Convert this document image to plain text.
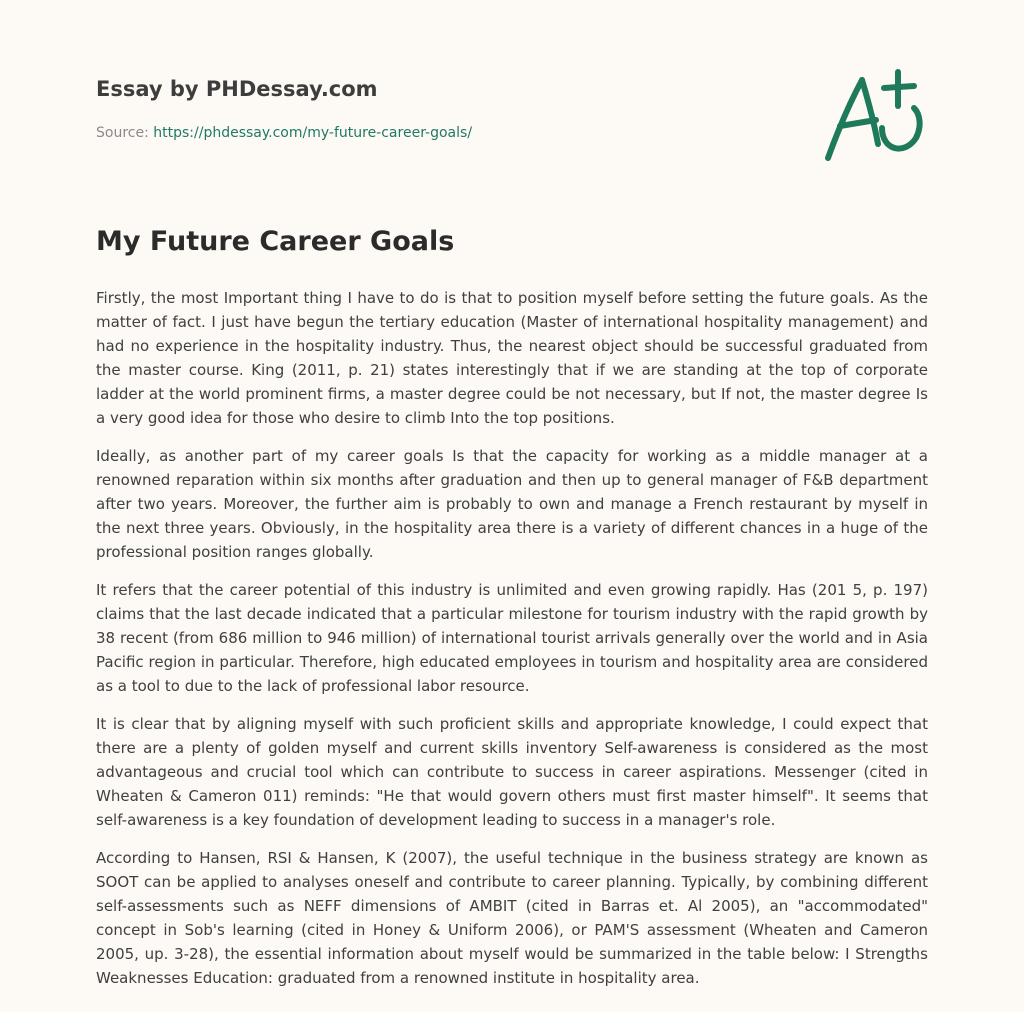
Essay by PHDessay.com
Source: https://phdessay.com/my-future-career-goals/
My Future Career Goals

Firstly, the most Important thing I have to do is that to position myself before setting the future goals. As the matter of fact. I just have begun the tertiary education (Master of international hospitality management) and had no experience in the hospitality industry. Thus, the nearest object should be successful graduated from the master course. King (2011, p. 21) states interestingly that if we are standing at the top of corporate ladder at the world prominent firms, a master degree could be not necessary, but If not, the master degree Is a very good idea for those who desire to climb Into the top positions.

Ideally, as another part of my career goals Is that the capacity for working as a middle manager at a renowned reparation within six months after graduation and then up to general manager of F&B department after two years. Moreover, the further aim is probably to own and manage a French restaurant by myself in the next three years. Obviously, in the hospitality area there is a variety of different chances in a huge of the professional position ranges globally.

It refers that the career potential of this industry is unlimited and even growing rapidly. Has (201 5, p. 197) claims that the last decade indicated that a particular milestone for tourism industry with the rapid growth by 38 recent (from 686 million to 946 million) of international tourist arrivals generally over the world and in Asia Pacific region in particular. Therefore, high educated employees in tourism and hospitality area are considered as a tool to due to the lack of professional labor resource.

It is clear that by aligning myself with such proficient skills and appropriate knowledge, I could expect that there are a plenty of golden myself and current skills inventory Self-awareness is considered as the most advantageous and crucial tool which can contribute to success in career aspirations. Messenger (cited in Wheaten & Cameron 011) reminds: "He that would govern others must first master himself". It seems that self-awareness is a key foundation of development leading to success in a manager's role.

According to Hansen, RSI & Hansen, K (2007), the useful technique in the business strategy are known as SOOT can be applied to analyses oneself and contribute to career planning. Typically, by combining different self-assessments such as NEFF dimensions of AMBIT (cited in Barras et. Al 2005), an "accommodated" concept in Sob's learning (cited in Honey & Uniform 2006), or PAM'S assessment (Wheaten and Cameron 2005, up. 3-28), the essential information about myself would be summarized in the table below: I Strengths Weaknesses Education: graduated from a renowned institute in hospitality area.
